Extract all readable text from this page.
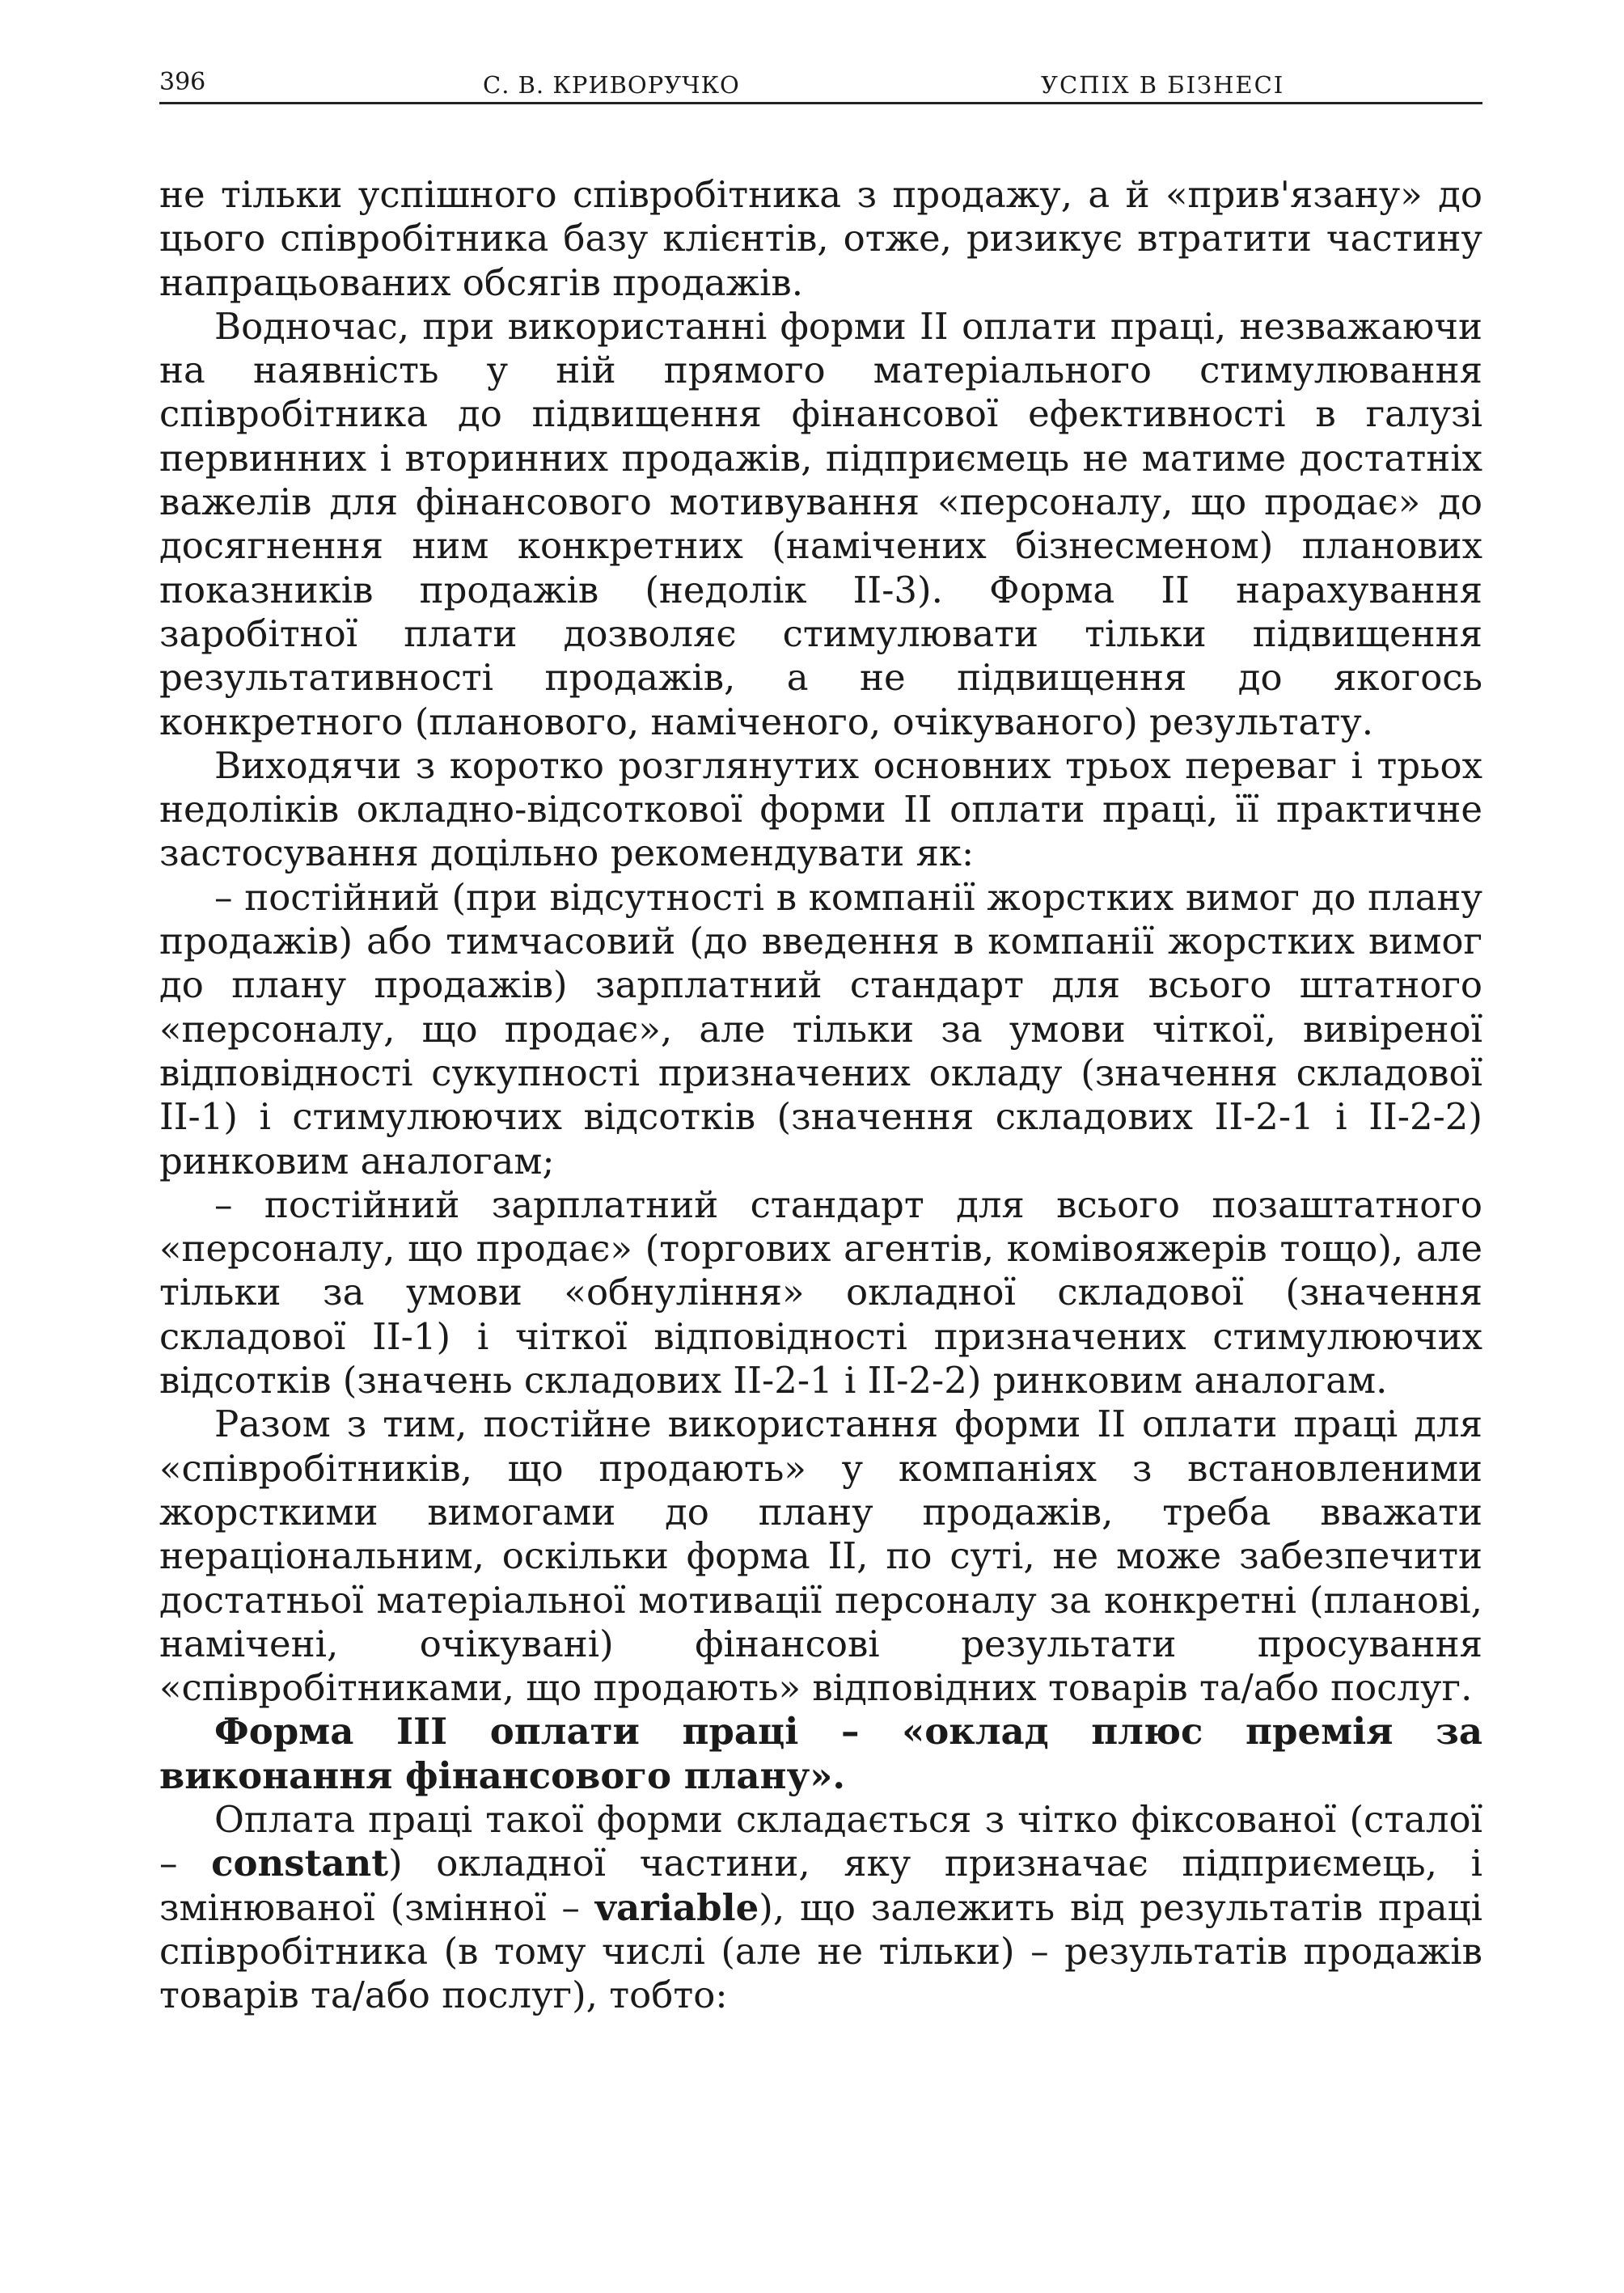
396	С. В. КРИВОРУЧКО	УСПІХ В БІЗНЕСІ

не тільки успішного співробітника з продажу, а й «прив'язану» до цього співробітника базу клієнтів, отже, ризикує втратити частину напрацьованих обсягів продажів.

Водночас, при використанні форми II оплати праці, незважаючи на наявність у ній прямого матеріального стимулювання співробітника до підвищення фінансової ефективності в галузі первинних і вторинних продажів, підприємець не матиме достатніх важелів для фінансового мотивування «персоналу, що продає» до досягнення ним конкретних (намічених бізнесменом) планових показників продажів (недолік II-3). Форма II нарахування заробітної плати дозволяє стимулювати тільки підвищення результативності продажів, а не підвищення до якогось конкретного (планового, наміченого, очікуваного) результату.

Виходячи з коротко розглянутих основних трьох переваг і трьох недоліків окладно-відсоткової форми II оплати праці, її практичне застосування доцільно рекомендувати як:

– постійний (при відсутності в компанії жорстких вимог до плану продажів) або тимчасовий (до введення в компанії жорстких вимог до плану продажів) зарплатний стандарт для всього штатного «персоналу, що продає», але тільки за умови чіткої, вивіреної відповідності сукупності призначених окладу (значення складової II-1) і стимулюючих відсотків (значення складових II-2-1 і II-2-2) ринковим аналогам;

– постійний зарплатний стандарт для всього позаштатного «персоналу, що продає» (торгових агентів, комівояжерів тощо), але тільки за умови «обнуління» окладної складової (значення складової II-1) і чіткої відповідності призначених стимулюючих відсотків (значень складових II-2-1 і II-2-2) ринковим аналогам.

Разом з тим, постійне використання форми II оплати праці для «співробітників, що продають» у компаніях з встановленими жорсткими вимогами до плану продажів, треба вважати нераціональним, оскільки форма II, по суті, не може забезпечити достатньої матеріальної мотивації персоналу за конкретні (планові, намічені, очікувані) фінансові результати просування «співробітниками, що продають» відповідних товарів та/або послуг.

Форма III оплати праці – «оклад плюс премія за виконання фінансового плану».

Оплата праці такої форми складається з чітко фіксованої (сталої – constant) окладної частини, яку призначає підприємець, і змінюваної (змінної – variable), що залежить від результатів праці співробітника (в тому числі (але не тільки) – результатів продажів товарів та/або послуг), тобто:
